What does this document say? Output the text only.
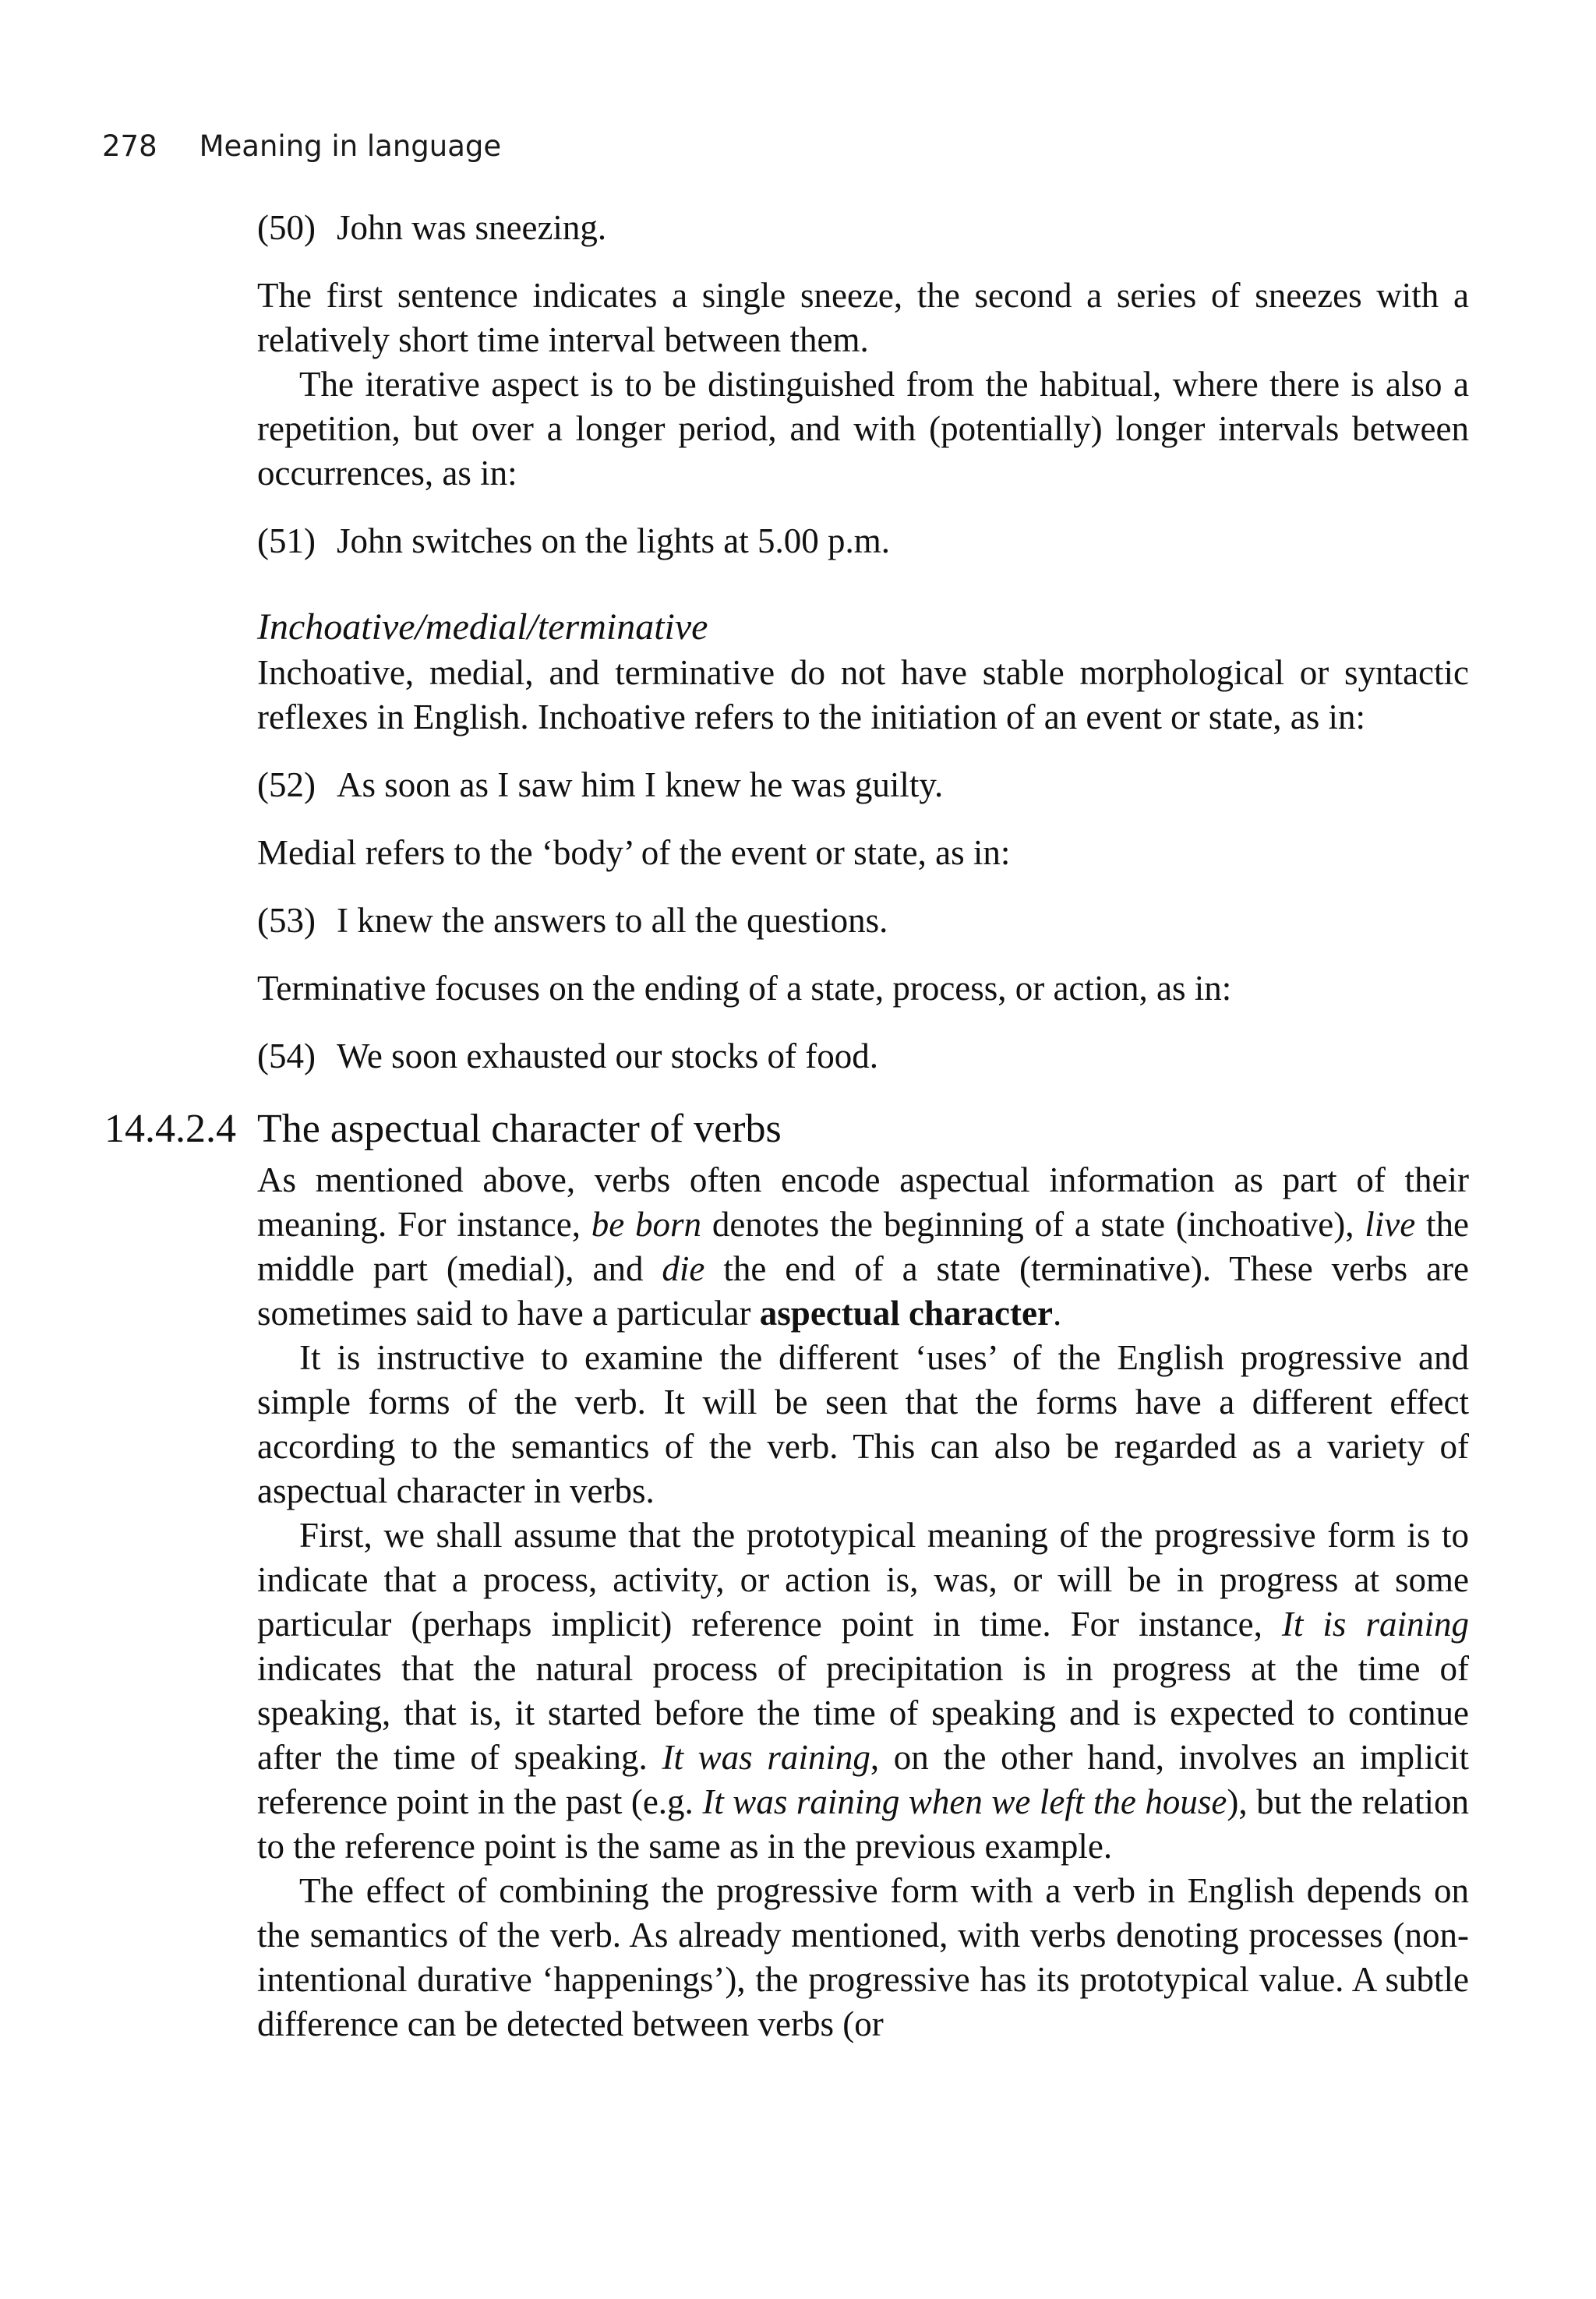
278 Meaning in language
(50) John was sneezing.

The first sentence indicates a single sneeze, the second a series of sneezes with a relatively short time interval between them.

The iterative aspect is to be distinguished from the habitual, where there is also a repetition, but over a longer period, and with (potentially) longer intervals between occurrences, as in:

(51) John switches on the lights at 5.00 p.m.
Inchoative/medial/terminative

Inchoative, medial, and terminative do not have stable morphological or syntactic reflexes in English. Inchoative refers to the initiation of an event or state, as in:

(52) As soon as I saw him I knew he was guilty.

Medial refers to the ‘body’ of the event or state, as in:

(53) I knew the answers to all the questions.

Terminative focuses on the ending of a state, process, or action, as in:

(54) We soon exhausted our stocks of food.
14.4.2.4 The aspectual character of verbs

As mentioned above, verbs often encode aspectual information as part of their meaning. For instance, be born denotes the beginning of a state (inchoative), live the middle part (medial), and die the end of a state (terminative). These verbs are sometimes said to have a particular aspectual character.

It is instructive to examine the different ‘uses’ of the English progressive and simple forms of the verb. It will be seen that the forms have a different effect according to the semantics of the verb. This can also be regarded as a variety of aspectual character in verbs.

First, we shall assume that the prototypical meaning of the progressive form is to indicate that a process, activity, or action is, was, or will be in progress at some particular (perhaps implicit) reference point in time. For instance, It is raining indicates that the natural process of precipitation is in progress at the time of speaking, that is, it started before the time of speaking and is expected to continue after the time of speaking. It was raining, on the other hand, involves an implicit reference point in the past (e.g. It was raining when we left the house), but the relation to the reference point is the same as in the previous example.

The effect of combining the progressive form with a verb in English depends on the semantics of the verb. As already mentioned, with verbs denoting processes (non-intentional durative ‘happenings’), the progressive has its prototypical value. A subtle difference can be detected between verbs (or
